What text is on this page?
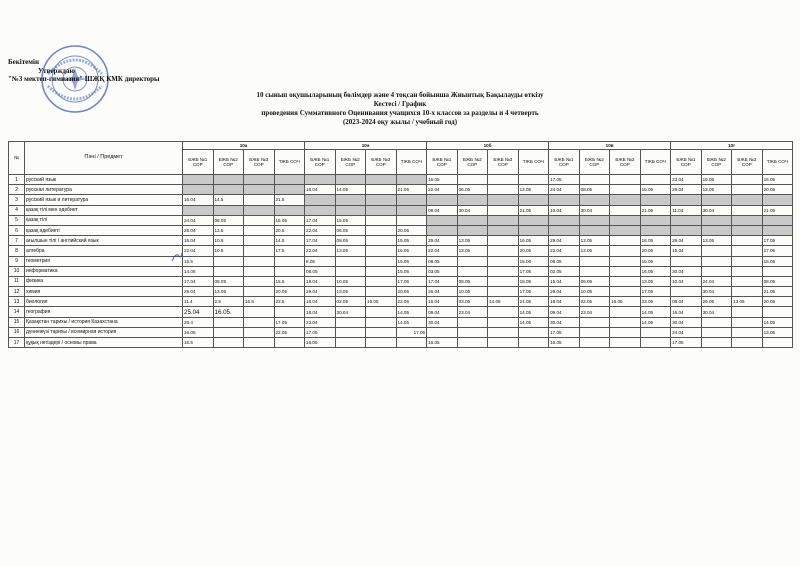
Бекітемін
Утверждаю
"№3 мектеп-гимназия" ШЖҚ КМК директоры
10 сынып оқушыларының бөлімдер және 4 тоқсан бойынша Жиынтық Бақылауды өткізу
Кестесі / График
проведения Суммативного Оценивания учащихся 10-х классов за разделы и 4 четверть
(2023-2024 оқу жылы / учебный год)
№	Пәні / Предмет	10а				10ә				10б				10в				10г			
		БЖБ №1 СОР	БЖБ №2 СОР	БЖБ №3 СОР	ТЖБ СОЧ	БЖБ №1 СОР	БЖБ №2 СОР	БЖБ №3 СОР	ТЖБ СОЧ	БЖБ №1 СОР	БЖБ №2 СОР	БЖБ №3 СОР	ТЖБ СОЧ	БЖБ №1 СОР	БЖБ №2 СОР	БЖБ №3 СОР	ТЖБ СОЧ	БЖБ №1 СОР	БЖБ №2 СОР	БЖБ №3 СОР	ТЖБ СОЧ
1	русский язык									16.05				17.05				23.04	15.05		16.05
2	русская литература					16.04	14.05		21.05	22.04	06.05		13.05	24.04	08.05		15.05	29.04	13.05		20.05
3	русский язык и литература	16.04	14.5		21.5																
4	қазақ тілі мен әдебиет									09.04	30.04		21.05	10.04	30.04		21.05	11.04	30.04		21.05
5	қазақ тілі	24.04	08.05		15.05	17.04	15.05														
6	қазақ әдебиеті	25.04	13.5		20.5	22.04	06.05		20.05												
7	ағылшын тілі / английский язык	16.04	10.5		14.5	17.04	08.05		15.05	29.04	13.05		16.05	29.04	13.05		16.05	29.04	13.05		17.05
8	алгебра	22.04	10.5		17.5	22.04	13.05		16.05	22.04	13.05		20.05	22.04	13.05		20.05	15.04			17.05
9	геометрия	15.5				8.05			15.05	08.05			15.06	08.05			15.05				15.05
10	информатика	14.05				08.05			15.05	03.05			17.05	02.05			16.05	30.04			
11	физика	17.04	08.05		15.5	19.04	10.05		17.05	17.04	08.05		15.05	15.04	06.05		13.05	10.04	24.04		08.05
12	химия	29.04	13.05		20.05	29.04	13.05		20.05	26.04	10.05		17.05	26.04	10.05		17.05		30.04		21.05
13	биология	11.4	2.5	16.5	23.5	16.04	02.05	16.05	22.05	16.04	03.05	14.05	21.05	18.04	02.05	16.05	23.05	08.04	29.05	13.05	20.05
14	география	25.04	16.05.			16.04	30.04		14.05	09.04	23.04		14.05	09.04	23.04		14.05	16.04	30.04		
15	Қазақстан тарихы / история Казахстана	26.4			17.05	23.04			14.05	30.04			14.05	30.04			14.05	30.04			14.05
16	дүниежүзі тарихы / всемирная история	16.05			22.05	17.05			17.05					17.05				24.04			13.05
17	құқық негіздері / основы права	16.5				16.05				16.05				16.05				17.05			
